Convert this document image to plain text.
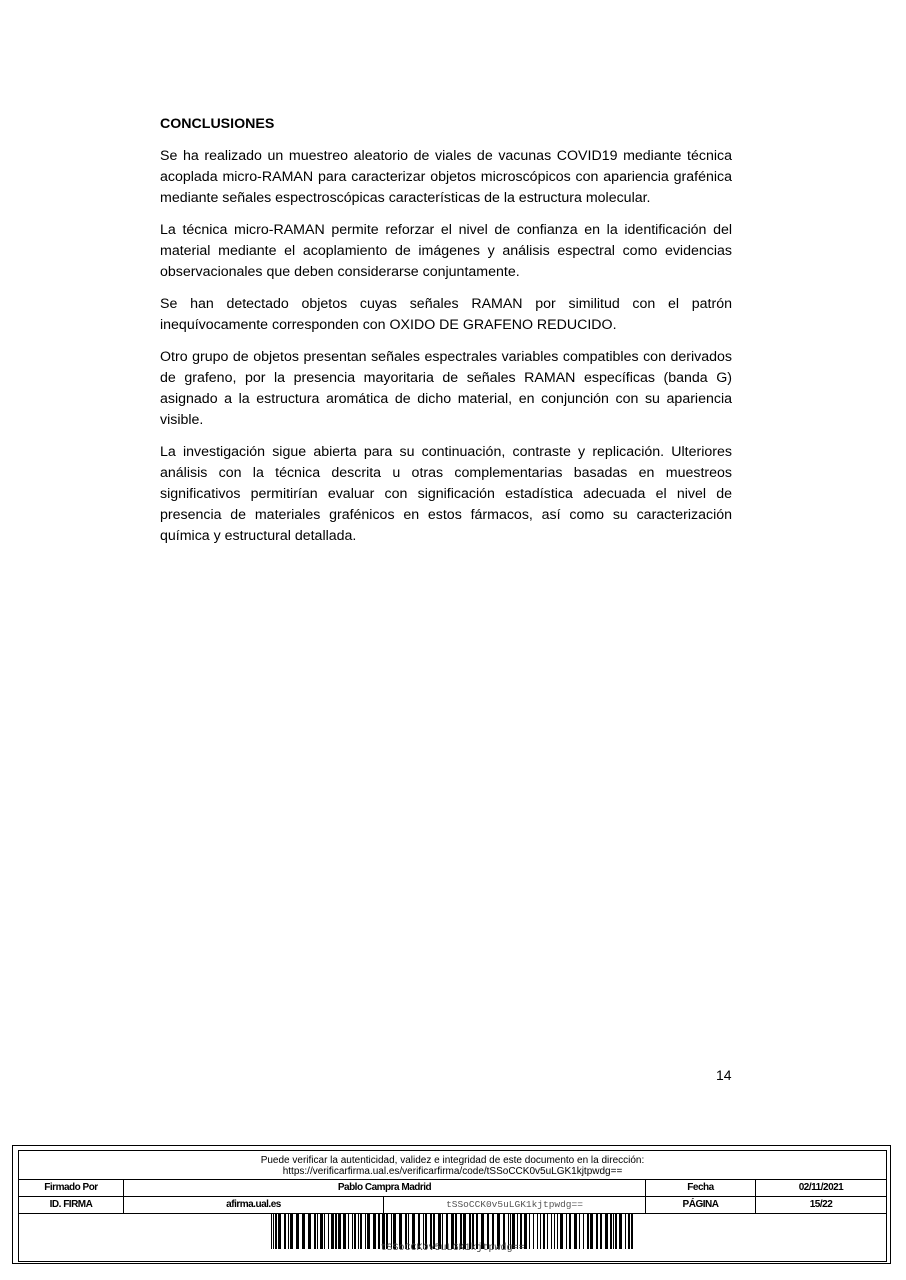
CONCLUSIONES

Se ha realizado un muestreo aleatorio de viales de vacunas COVID19 mediante técnica acoplada micro-RAMAN para caracterizar objetos microscópicos con apariencia grafénica mediante señales espectroscópicas características de la estructura molecular.

La técnica micro-RAMAN permite reforzar el nivel de confianza en la identificación del material mediante el acoplamiento de imágenes y análisis espectral como evidencias observacionales que deben considerarse conjuntamente.

Se han detectado objetos cuyas señales RAMAN por similitud con el patrón inequívocamente corresponden con OXIDO DE GRAFENO REDUCIDO.

Otro grupo de objetos presentan señales espectrales variables compatibles con derivados de grafeno, por la presencia mayoritaria de señales RAMAN específicas (banda G) asignado a la estructura aromática de dicho material, en conjunción con su apariencia visible.

La investigación sigue abierta para su continuación, contraste y replicación. Ulteriores análisis con la técnica descrita u otras complementarias basadas en muestreos significativos permitirían evaluar con significación estadística adecuada el nivel de presencia de materiales grafénicos en estos fármacos, así como su caracterización química y estructural detallada.

14
Puede verificar la autenticidad, validez e integridad de este documento en la dirección:
https://verificarfirma.ual.es/verificarfirma/code/tSSoCCK0v5uLGK1kjtpwdg==
Firmado Por	Pablo Campra Madrid	Fecha	02/11/2021
ID. FIRMA	afirma.ual.es	tSSoCCK0v5uLGK1kjtpwdg==	PÁGINA	15/22
tSSoCCK0v5uLGK1kjtpwdg==
